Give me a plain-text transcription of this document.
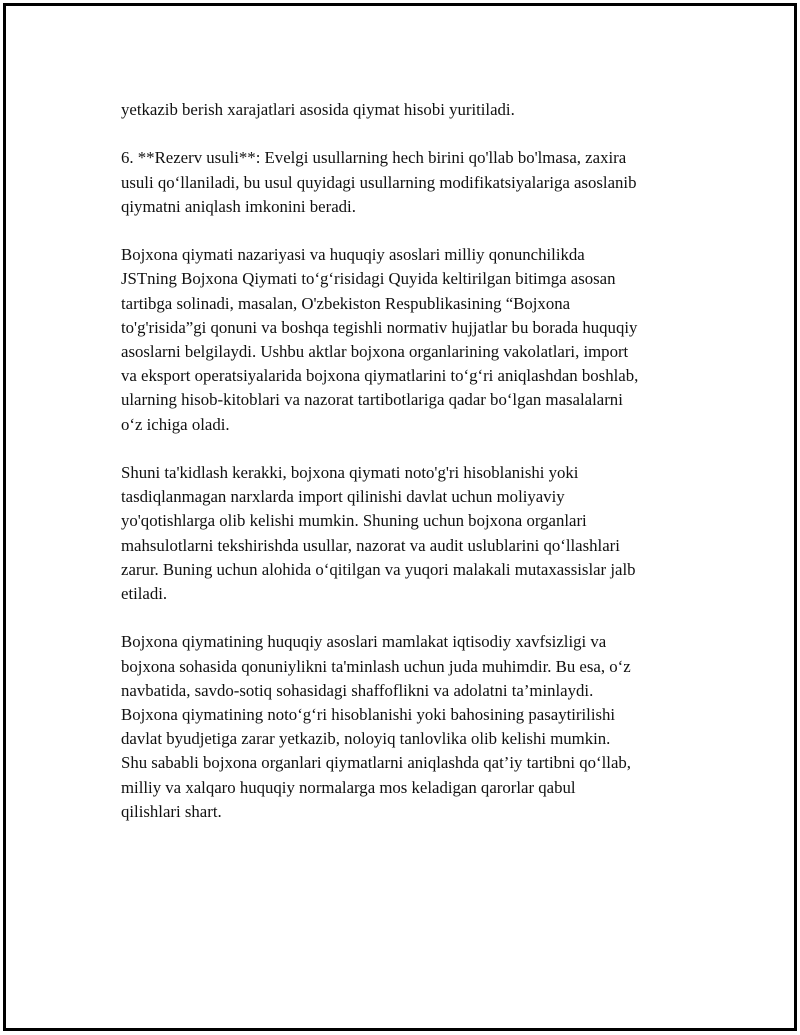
yetkazib berish xarajatlari asosida qiymat hisobi yuritiladi.

6. **Rezerv usuli**: Evelgi usullarning hech birini qo'llab bo'lmasa, zaxira
usuli qo‘llaniladi, bu usul quyidagi usullarning modifikatsiyalariga asoslanib
qiymatni aniqlash imkonini beradi.

Bojxona qiymati nazariyasi va huquqiy asoslari milliy qonunchilikda
JSTning Bojxona Qiymati to‘g‘risidagi Quyida keltirilgan bitimga asosan
tartibga solinadi, masalan, O'zbekiston Respublikasining “Bojxona
to'g'risida”gi qonuni va boshqa tegishli normativ hujjatlar bu borada huquqiy
asoslarni belgilaydi. Ushbu aktlar bojxona organlarining vakolatlari, import
va eksport operatsiyalarida bojxona qiymatlarini to‘g‘ri aniqlashdan boshlab,
ularning hisob-kitoblari va nazorat tartibotlariga qadar bo‘lgan masalalarni
o‘z ichiga oladi.

Shuni ta'kidlash kerakki, bojxona qiymati noto'g'ri hisoblanishi yoki
tasdiqlanmagan narxlarda import qilinishi davlat uchun moliyaviy
yo'qotishlarga olib kelishi mumkin. Shuning uchun bojxona organlari
mahsulotlarni tekshirishda usullar, nazorat va audit uslublarini qo‘llashlari
zarur. Buning uchun alohida o‘qitilgan va yuqori malakali mutaxassislar jalb
etiladi.

Bojxona qiymatining huquqiy asoslari mamlakat iqtisodiy xavfsizligi va
bojxona sohasida qonuniylikni ta'minlash uchun juda muhimdir. Bu esa, o‘z
navbatida, savdo-sotiq sohasidagi shaffoflikni va adolatni ta’minlaydi.
Bojxona qiymatining noto‘g‘ri hisoblanishi yoki bahosining pasaytirilishi
davlat byudjetiga zarar yetkazib, noloyiq tanlovlika olib kelishi mumkin.
Shu sababli bojxona organlari qiymatlarni aniqlashda qat’iy tartibni qo‘llab,
milliy va xalqaro huquqiy normalarga mos keladigan qarorlar qabul
qilishlari shart.
